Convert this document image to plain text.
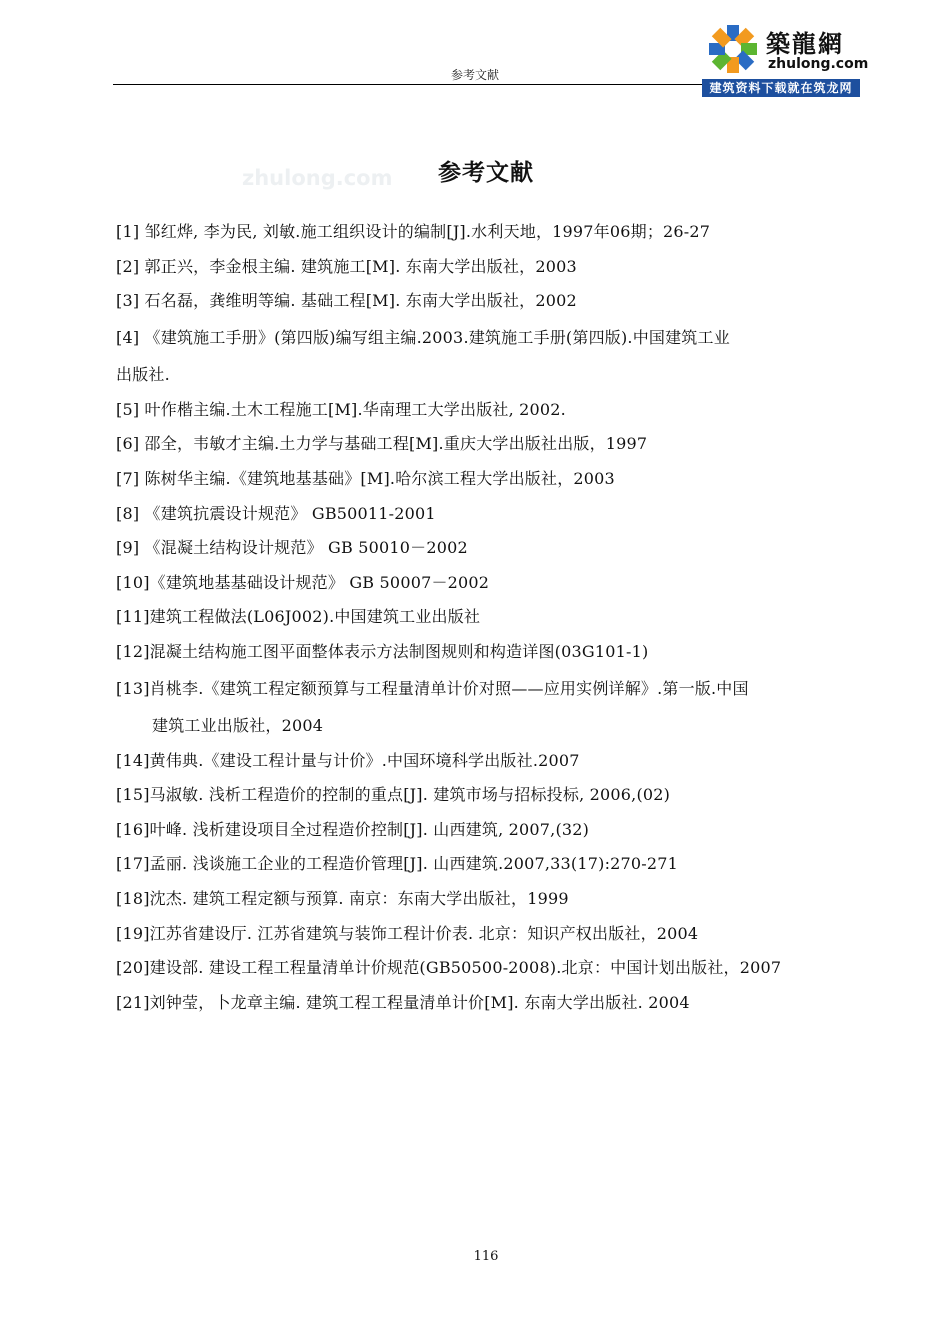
参考文献
築龍網
zhulong.com
建筑资料下载就在筑龙网
zhulong.com	参考文献
[1] 邹红烨, 李为民, 刘敏.施工组织设计的编制[J].水利天地，1997年06期；26-27
[2] 郭正兴，李金根主编. 建筑施工[M]. 东南大学出版社，2003
[3] 石名磊，龚维明等编. 基础工程[M]. 东南大学出版社，2002
[4] 《建筑施工手册》(第四版)编写组主编.2003.建筑施工手册(第四版).中国建筑工业
出版社.
[5] 叶作楷主编.土木工程施工[M].华南理工大学出版社, 2002.
[6] 邵全，韦敏才主编.土力学与基础工程[M].重庆大学出版社出版，1997
[7] 陈树华主编.《建筑地基基础》[M].哈尔滨工程大学出版社，2003
[8] 《建筑抗震设计规范》 GB50011-2001
[9] 《混凝土结构设计规范》 GB 50010－2002
[10]《建筑地基基础设计规范》 GB 50007－2002
[11]建筑工程做法(L06J002).中国建筑工业出版社
[12]混凝土结构施工图平面整体表示方法制图规则和构造详图(03G101-1)
[13]肖桃李.《建筑工程定额预算与工程量清单计价对照——应用实例详解》.第一版.中国
建筑工业出版社，2004
[14]黄伟典.《建设工程计量与计价》.中国环境科学出版社.2007
[15]马淑敏. 浅析工程造价的控制的重点[J]. 建筑市场与招标投标, 2006,(02)
[16]叶峰. 浅析建设项目全过程造价控制[J]. 山西建筑, 2007,(32)
[17]孟丽. 浅谈施工企业的工程造价管理[J]. 山西建筑.2007,33(17):270-271
[18]沈杰. 建筑工程定额与预算. 南京：东南大学出版社，1999
[19]江苏省建设厅. 江苏省建筑与装饰工程计价表. 北京：知识产权出版社，2004
[20]建设部. 建设工程工程量清单计价规范(GB50500-2008).北京：中国计划出版社，2007
[21]刘钟莹，卜龙章主编. 建筑工程工程量清单计价[M]. 东南大学出版社. 2004
116
